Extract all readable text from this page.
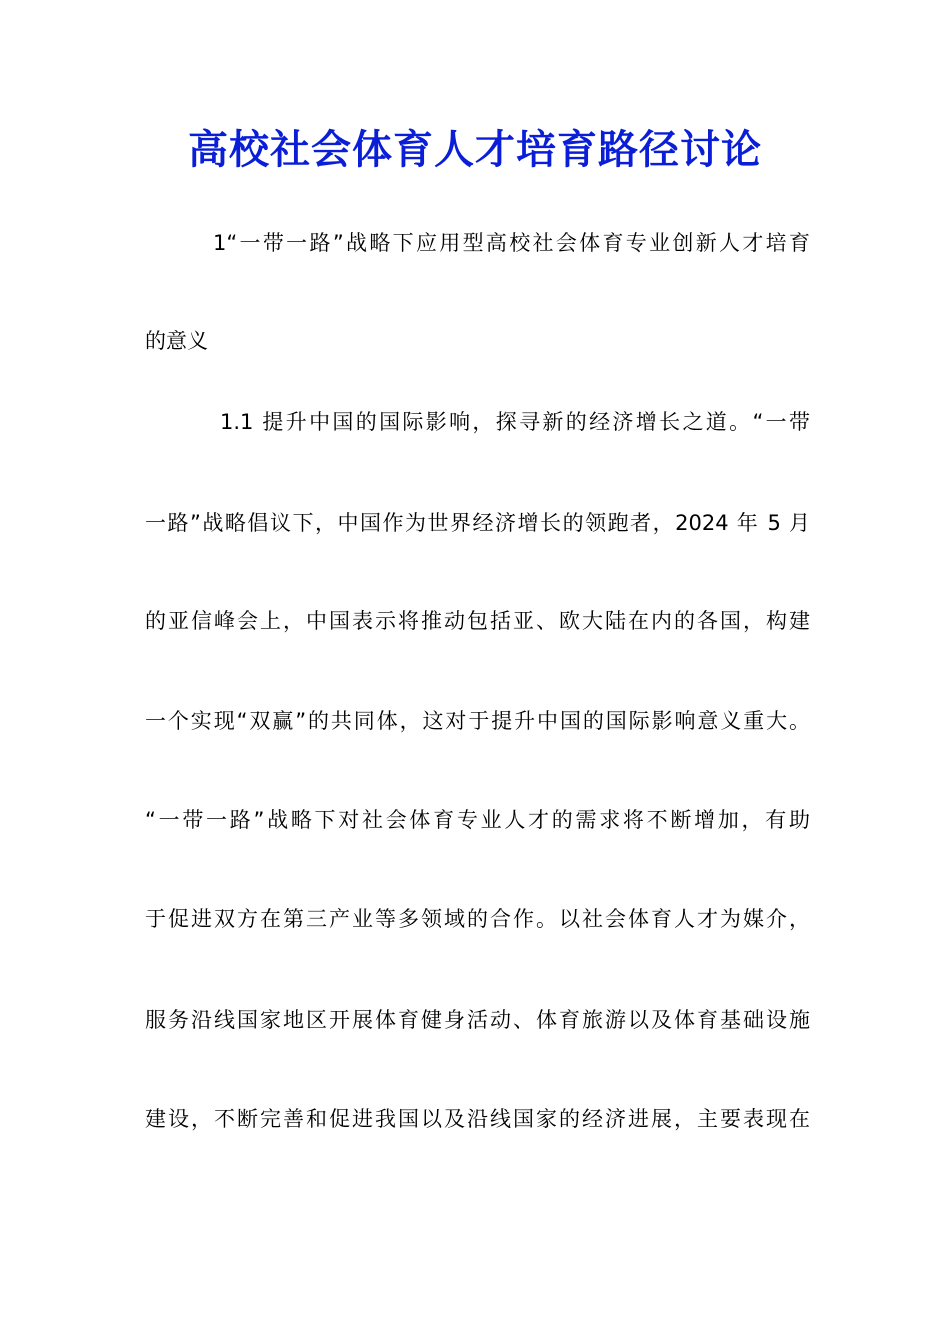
高校社会体育人才培育路径讨论

1“一带一路”战略下应用型高校社会体育专业创新人才培育

的意义

1.1 提升中国的国际影响，探寻新的经济增长之道。“一带

一路”战略倡议下，中国作为世界经济增长的领跑者，2024 年 5 月

的亚信峰会上，中国表示将推动包括亚、欧大陆在内的各国，构建

一个实现“双赢”的共同体，这对于提升中国的国际影响意义重大。

“一带一路”战略下对社会体育专业人才的需求将不断增加，有助

于促进双方在第三产业等多领域的合作。以社会体育人才为媒介，

服务沿线国家地区开展体育健身活动、体育旅游以及体育基础设施

建设，不断完善和促进我国以及沿线国家的经济进展，主要表现在
